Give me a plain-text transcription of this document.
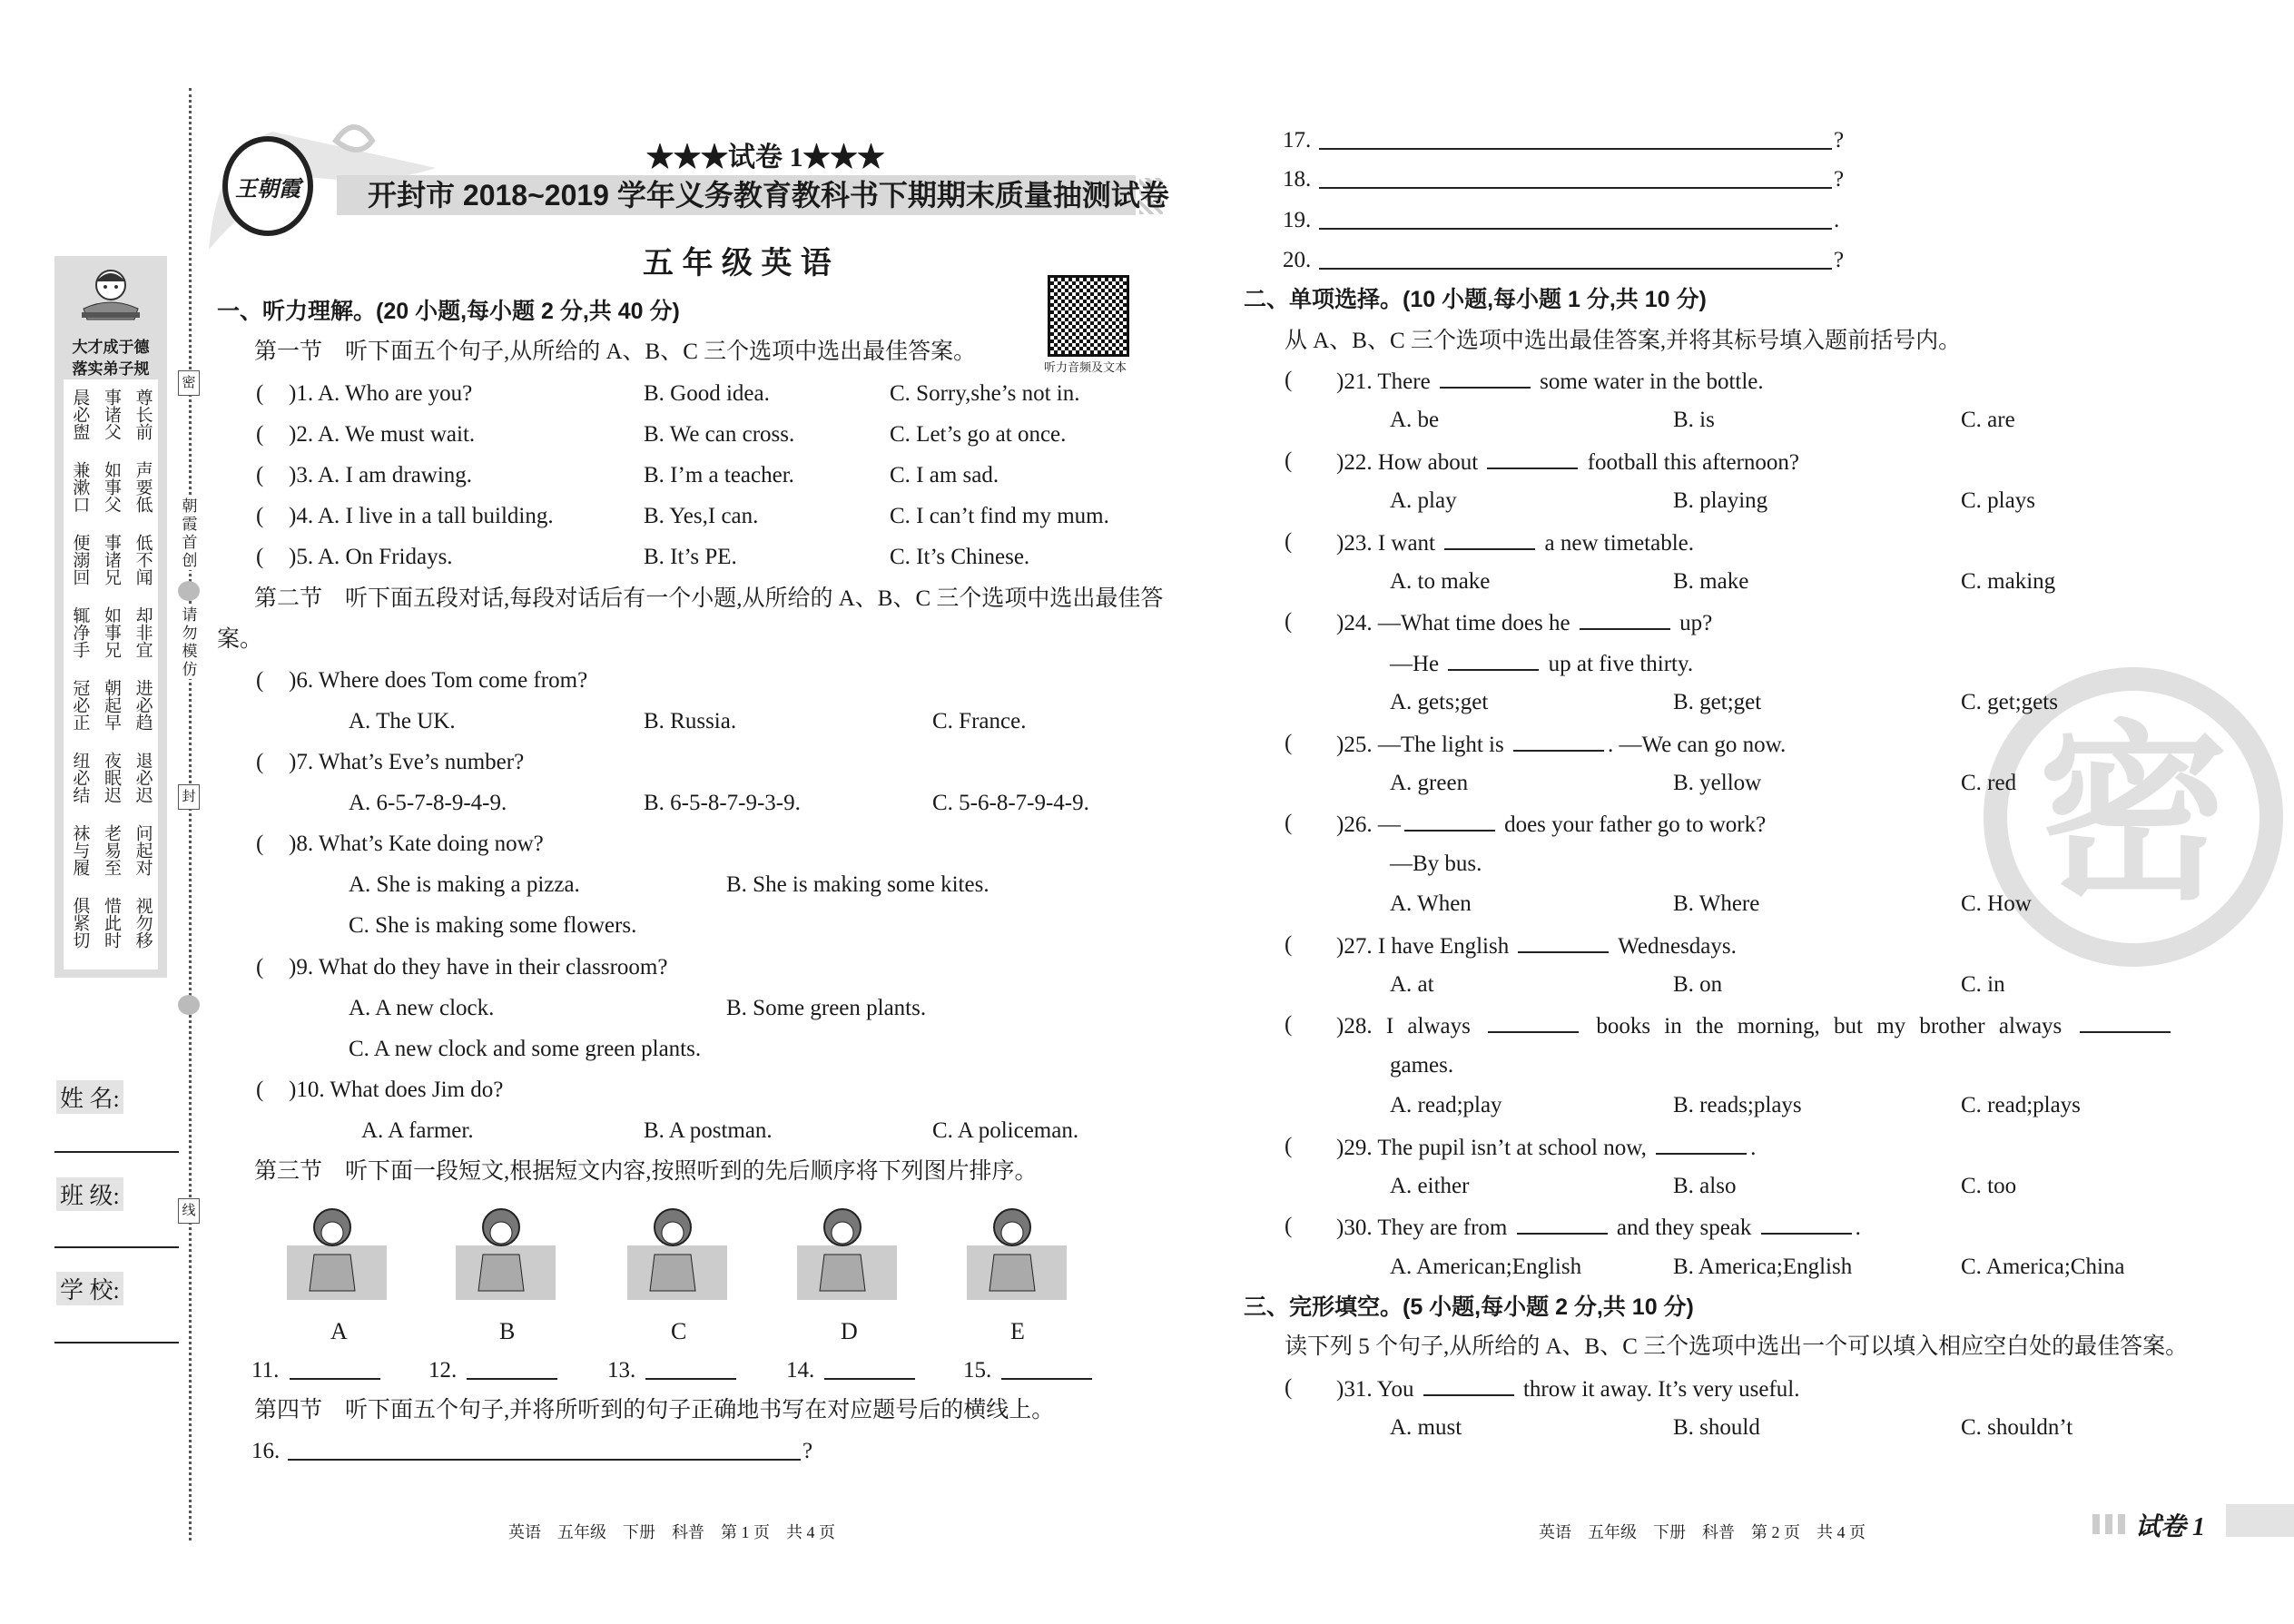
大才成于德
落实弟子规
晨必盥 事诸父 尊长前
兼漱口 如事父 声要低
便溺回 事诸兄 低不闻
辄净手 如事兄 却非宜
冠必正 朝起早 进必趋
纽必结 夜眠迟 退必迟
袜与履 老易至 问起对
俱紧切 惜此时 视勿移
朝霞首创
请勿模仿
密
封
线
姓 名:
班 级:
学 校:
王朝霞
★★★试卷 1★★★
开封市 2018~2019 学年义务教育教科书下期期末质量抽测试卷
五 年 级 英 语
听力音频及文本
密
一、听力理解。(20 小题,每小题 2 分,共 40 分)
第一节　听下面五个句子,从所给的 A、B、C 三个选项中选出最佳答案。
( )1. A. Who are you?	B. Good idea.	C. Sorry,she’s not in.
( )2. A. We must wait.	B. We can cross.	C. Let’s go at once.
( )3. A. I am drawing.	B. I’m a teacher.	C. I am sad.
( )4. A. I live in a tall building.	B. Yes,I can.	C. I can’t find my mum.
( )5. A. On Fridays.	B. It’s PE.	C. It’s Chinese.
第二节　听下面五段对话,每段对话后有一个小题,从所给的 A、B、C 三个选项中选出最佳答案。
( )6. Where does Tom come from?
A. The UK.	B. Russia.	C. France.
( )7. What’s Eve’s number?
A. 6-5-7-8-9-4-9.	B. 6-5-8-7-9-3-9.	C. 5-6-8-7-9-4-9.
( )8. What’s Kate doing now?
A. She is making a pizza.	B. She is making some kites.
C. She is making some flowers.
( )9. What do they have in their classroom?
A. A new clock.	B. Some green plants.
C. A new clock and some green plants.
( )10. What does Jim do?
A. A farmer.	B. A postman.	C. A policeman.
第三节　听下面一段短文,根据短文内容,按照听到的先后顺序将下列图片排序。
A	B	C	D	E
11.	12.	13.	14.	15.
第四节　听下面五个句子,并将所听到的句子正确地书写在对应题号后的横线上。
16.	?
17.	?
18.	?
19.	.
20.	?
二、单项选择。(10 小题,每小题 1 分,共 10 分)
从 A、B、C 三个选项中选出最佳答案,并将其标号填入题前括号内。
( )21. There	some water in the bottle.
A. be	B. is	C. are
( )22. How about	football this afternoon?
A. play	B. playing	C. plays
( )23. I want	a new timetable.
A. to make	B. make	C. making
( )24. —What time does he	up?
—He	up at five thirty.
A. gets;get	B. get;get	C. get;gets
( )25. —The light is	. —We can go now.
A. green	B. yellow	C. red
( )26. —	does your father go to work?
—By bus.
A. When	B. Where	C. How
( )27. I have English	Wednesdays.
A. at	B. on	C. in
( )28. I always	books in the morning, but my brother always
games.
A. read;play	B. reads;plays	C. read;plays
( )29. The pupil isn’t at school now,	.
A. either	B. also	C. too
( )30. They are from	and they speak	.
A. American;English	B. America;English	C. America;China
三、完形填空。(5 小题,每小题 2 分,共 10 分)
读下列 5 个句子,从所给的 A、B、C 三个选项中选出一个可以填入相应空白处的最佳答案。
( )31. You	throw it away. It’s very useful.
A. must	B. should	C. shouldn’t
英语　五年级　下册　科普　第 1 页　共 4 页	英语　五年级　下册　科普　第 2 页　共 4 页	试卷 1
